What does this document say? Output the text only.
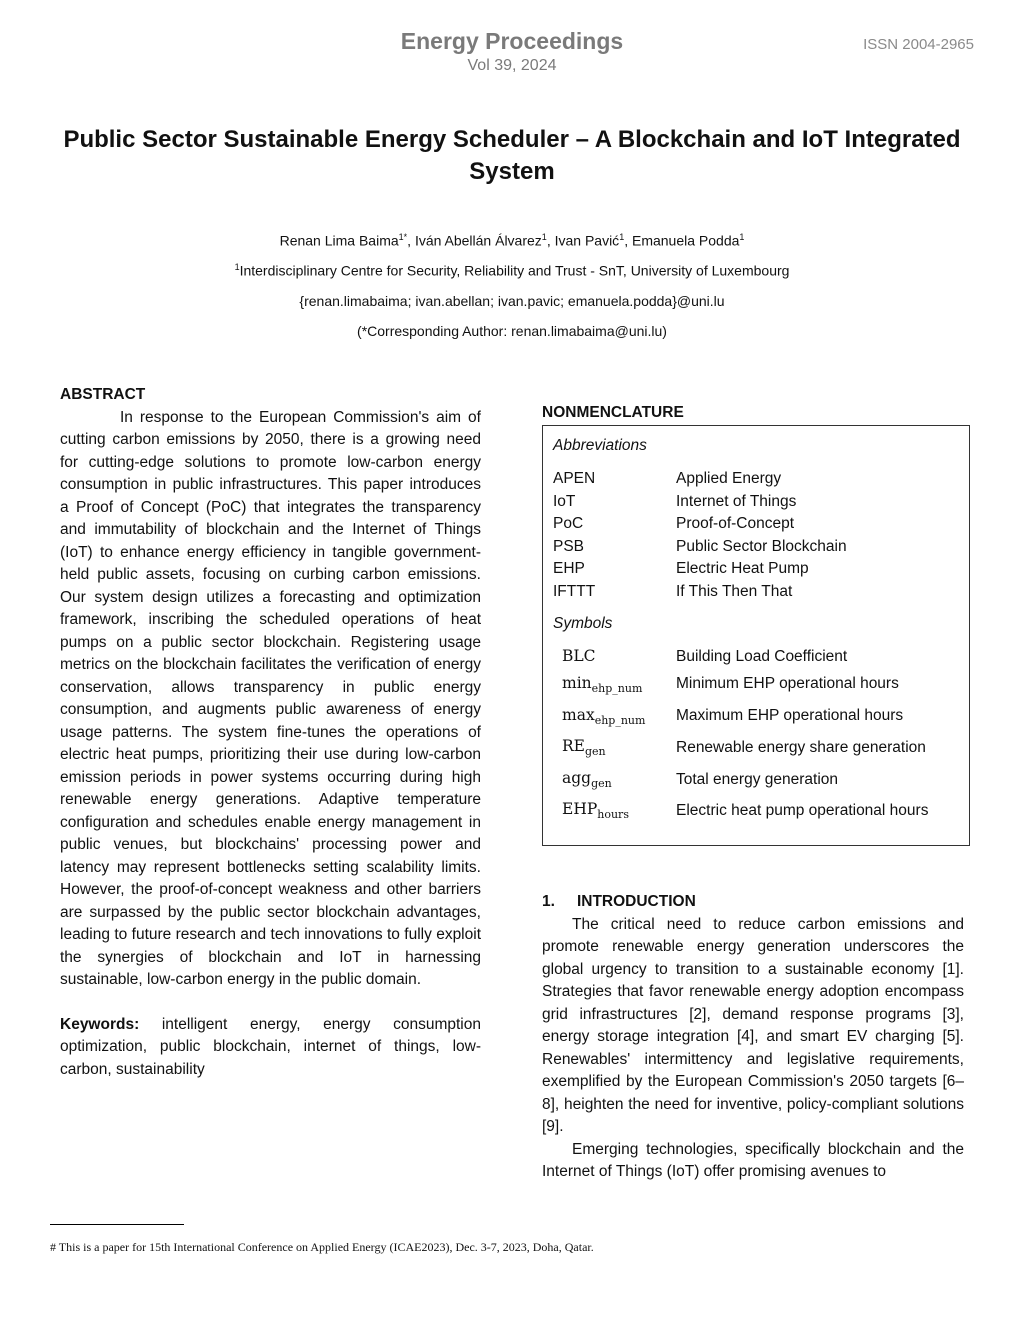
Energy Proceedings
Vol 39, 2024
ISSN 2004-2965
Public Sector Sustainable Energy Scheduler – A Blockchain and IoT Integrated
System
Renan Lima Baima$^{1*}$, Iván Abellán Álvarez$^1$, Ivan Pavić$^1$, Emanuela Podda$^1$
$^1$Interdisciplinary Centre for Security, Reliability and Trust - SnT, University of Luxembourg
{renan.limabaima; ivan.abellan; ivan.pavic; emanuela.podda}@uni.lu
(*Corresponding Author: renan.limabaima@uni.lu)
ABSTRACT

In response to the European Commission's aim of cutting carbon emissions by 2050, there is a growing need for cutting-edge solutions to promote low-carbon energy consumption in public infrastructures. This paper introduces a Proof of Concept (PoC) that integrates the transparency and immutability of blockchain and the Internet of Things (IoT) to enhance energy efficiency in tangible government-held public assets, focusing on curbing carbon emissions. Our system design utilizes a forecasting and optimization framework, inscribing the scheduled operations of heat pumps on a public sector blockchain. Registering usage metrics on the blockchain facilitates the verification of energy conservation, allows transparency in public energy consumption, and augments public awareness of energy usage patterns. The system fine-tunes the operations of electric heat pumps, prioritizing their use during low-carbon emission periods in power systems occurring during high renewable energy generations. Adaptive temperature configuration and schedules enable energy management in public venues, but blockchains' processing power and latency may represent bottlenecks setting scalability limits. However, the proof-of-concept weakness and other barriers are surpassed by the public sector blockchain advantages, leading to future research and tech innovations to fully exploit the synergies of blockchain and IoT in harnessing sustainable, low-carbon energy in the public domain.

Keywords: intelligent energy, energy consumption optimization, public blockchain, internet of things, low-carbon, sustainability

NONMENCLATURE
Abbreviations
APEN	Applied Energy
IoT	Internet of Things
PoC	Proof-of-Concept
PSB	Public Sector Blockchain
EHP	Electric Heat Pump
IFTTT	If This Then That
Symbols
BLC	Building Load Coefficient
$\min_{ehp\_num}$ Minimum EHP operational hours
$\max_{ehp\_num}$ Maximum EHP operational hours
$RE_{gen}$	Renewable energy share generation
agg$_{gen}$	Total energy generation
$EHP_{hours}$	Electric heat pump operational hours
1. INTRODUCTION

The critical need to reduce carbon emissions and promote renewable energy generation underscores the global urgency to transition to a sustainable economy [1]. Strategies that favor renewable energy adoption encompass grid infrastructures [2], demand response programs [3], energy storage integration [4], and smart EV charging [5]. Renewables' intermittency and legislative requirements, exemplified by the European Commission's 2050 targets [6–8], heighten the need for inventive, policy-compliant solutions [9].

Emerging technologies, specifically blockchain and the Internet of Things (IoT) offer promising avenues to

# This is a paper for 15th International Conference on Applied Energy (ICAE2023), Dec. 3-7, 2023, Doha, Qatar.
